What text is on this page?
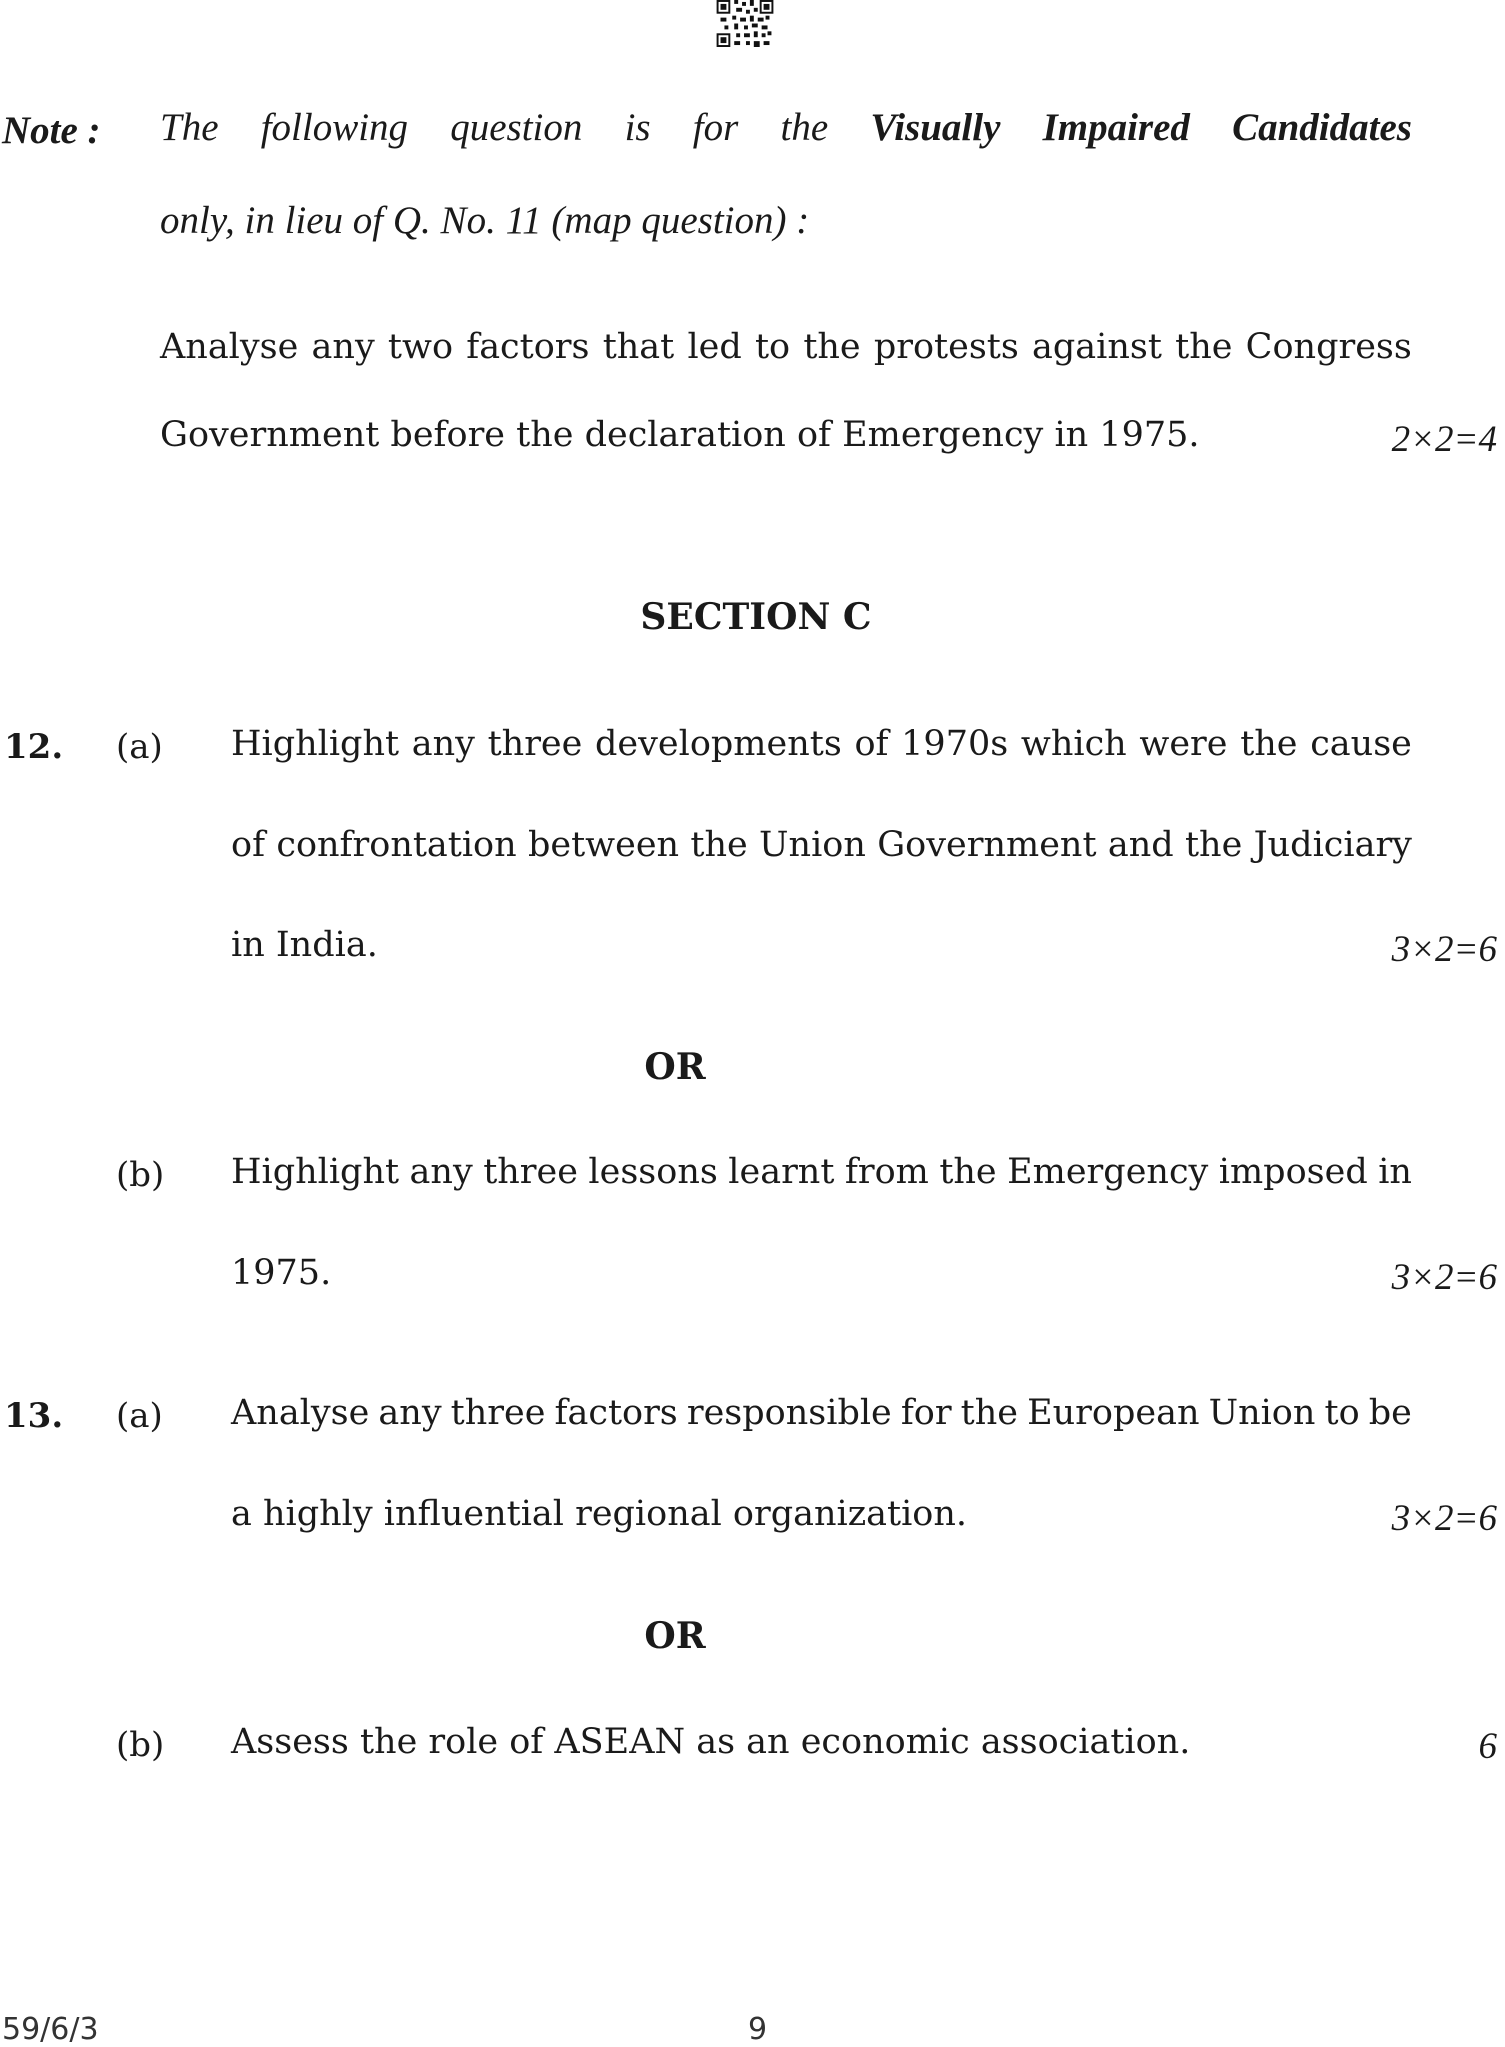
Note : The following question is for the Visually Impaired Candidates
only, in lieu of Q. No. 11 (map question) :
Analyse any two factors that led to the protests against the Congress
Government before the declaration of Emergency in 1975.	2×2=4
SECTION C
12. (a) Highlight any three developments of 1970s which were the cause
of confrontation between the Union Government and the Judiciary
in India.	3×2=6
OR
(b) Highlight any three lessons learnt from the Emergency imposed in
1975.	3×2=6
13. (a) Analyse any three factors responsible for the European Union to be
a highly influential regional organization.	3×2=6
OR
(b) Assess the role of ASEAN as an economic association.	6
59/6/3	9
